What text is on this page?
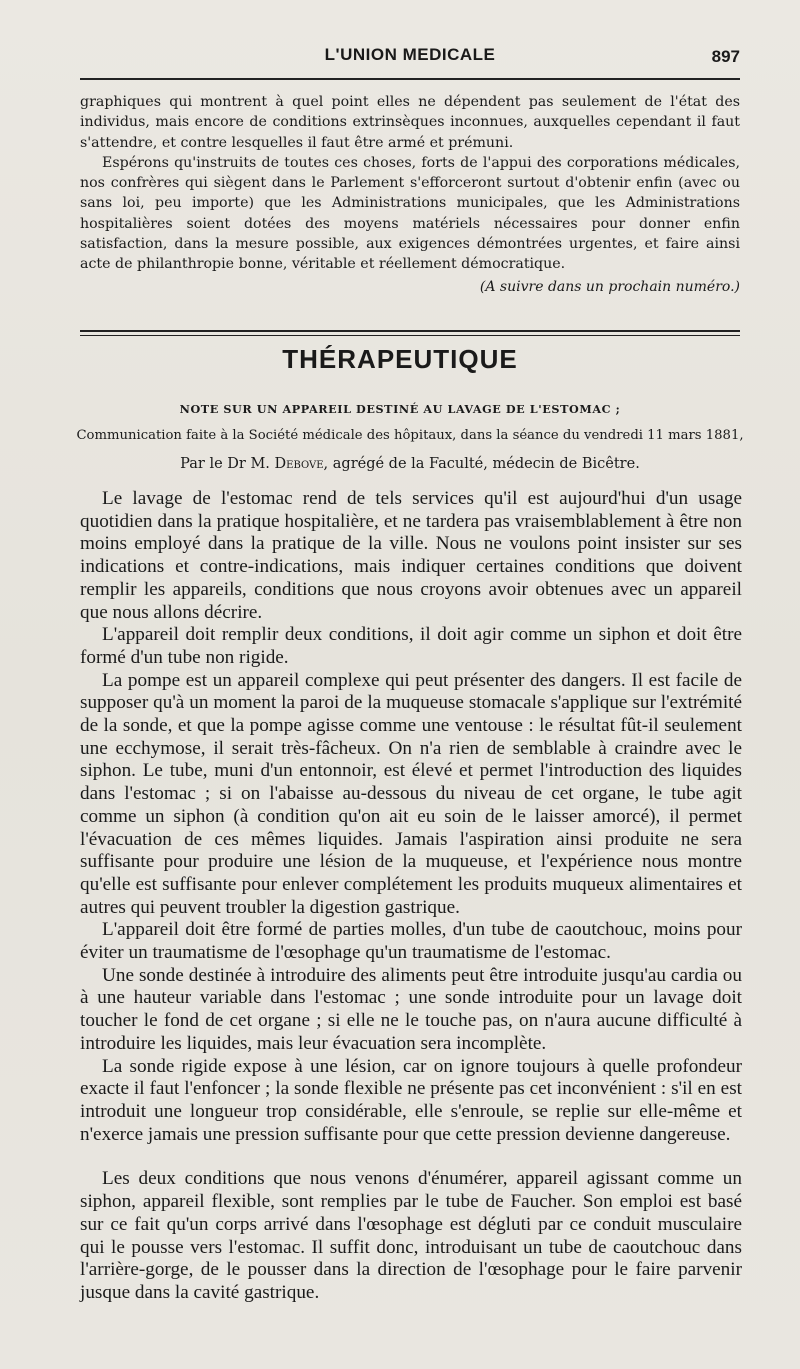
L'UNION MEDICALE	897

graphiques qui montrent à quel point elles ne dépendent pas seulement de l'état des individus, mais encore de conditions extrinsèques inconnues, auxquelles cependant il faut s'attendre, et contre lesquelles il faut être armé et prémuni.

Espérons qu'instruits de toutes ces choses, forts de l'appui des corporations médicales, nos confrères qui siègent dans le Parlement s'efforceront surtout d'obtenir enfin (avec ou sans loi, peu importe) que les Administrations municipales, que les Administrations hospitalières soient dotées des moyens matériels nécessaires pour donner enfin satisfaction, dans la mesure possible, aux exigences démontrées urgentes, et faire ainsi acte de philanthropie bonne, véritable et réellement démocratique.

(A suivre dans un prochain numéro.)
THÉRAPEUTIQUE
NOTE SUR UN APPAREIL DESTINÉ AU LAVAGE DE L'ESTOMAC ;
Communication faite à la Société médicale des hôpitaux, dans la séance du vendredi 11 mars 1881,
Par le Dr M. Debove, agrégé de la Faculté, médecin de Bicêtre.

Le lavage de l'estomac rend de tels services qu'il est aujourd'hui d'un usage quotidien dans la pratique hospitalière, et ne tardera pas vraisemblablement à être non moins employé dans la pratique de la ville. Nous ne voulons point insister sur ses indications et contre-indications, mais indiquer certaines conditions que doivent remplir les appareils, conditions que nous croyons avoir obtenues avec un appareil que nous allons décrire.

L'appareil doit remplir deux conditions, il doit agir comme un siphon et doit être formé d'un tube non rigide.

La pompe est un appareil complexe qui peut présenter des dangers. Il est facile de supposer qu'à un moment la paroi de la muqueuse stomacale s'applique sur l'extrémité de la sonde, et que la pompe agisse comme une ventouse : le résultat fût-il seulement une ecchymose, il serait très-fâcheux. On n'a rien de semblable à craindre avec le siphon. Le tube, muni d'un entonnoir, est élevé et permet l'introduction des liquides dans l'estomac ; si on l'abaisse au-dessous du niveau de cet organe, le tube agit comme un siphon (à condition qu'on ait eu soin de le laisser amorcé), il permet l'évacuation de ces mêmes liquides. Jamais l'aspiration ainsi produite ne sera suffisante pour produire une lésion de la muqueuse, et l'expérience nous montre qu'elle est suffisante pour enlever complétement les produits muqueux alimentaires et autres qui peuvent troubler la digestion gastrique.

L'appareil doit être formé de parties molles, d'un tube de caoutchouc, moins pour éviter un traumatisme de l'œsophage qu'un traumatisme de l'estomac.

Une sonde destinée à introduire des aliments peut être introduite jusqu'au cardia ou à une hauteur variable dans l'estomac ; une sonde introduite pour un lavage doit toucher le fond de cet organe ; si elle ne le touche pas, on n'aura aucune difficulté à introduire les liquides, mais leur évacuation sera incomplète.

La sonde rigide expose à une lésion, car on ignore toujours à quelle profondeur exacte il faut l'enfoncer ; la sonde flexible ne présente pas cet inconvénient : s'il en est introduit une longueur trop considérable, elle s'enroule, se replie sur elle-même et n'exerce jamais une pression suffisante pour que cette pression devienne dangereuse.

Les deux conditions que nous venons d'énumérer, appareil agissant comme un siphon, appareil flexible, sont remplies par le tube de Faucher. Son emploi est basé sur ce fait qu'un corps arrivé dans l'œsophage est dégluti par ce conduit musculaire qui le pousse vers l'estomac. Il suffit donc, introduisant un tube de caoutchouc dans l'arrière-gorge, de le pousser dans la direction de l'œsophage pour le faire parvenir jusque dans la cavité gastrique.
